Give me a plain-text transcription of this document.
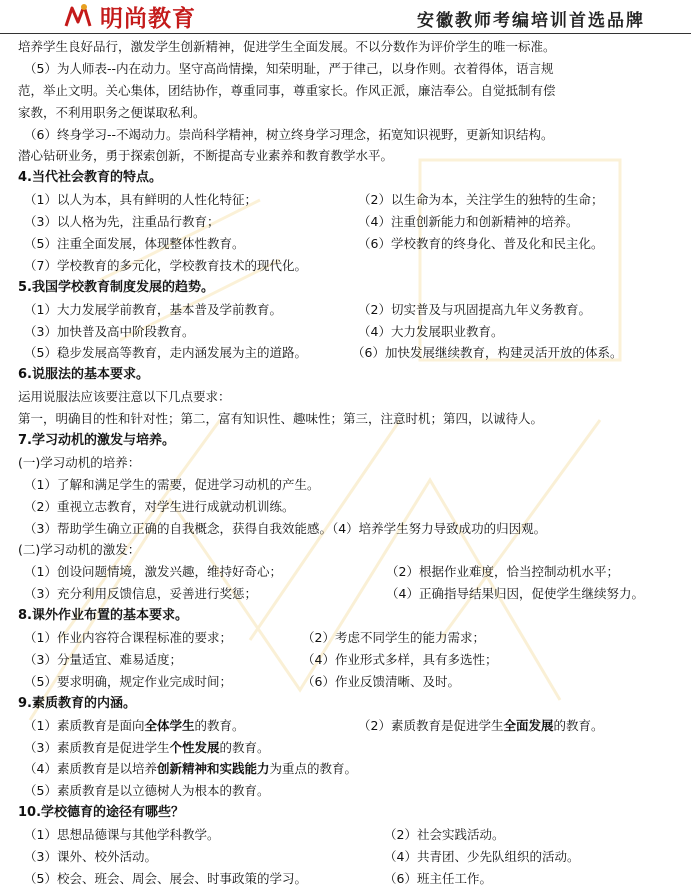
明尚教育	安徽教师考编培训首选品牌
培养学生良好品行，激发学生创新精神，促进学生全面发展。不以分数作为评价学生的唯一标准。
（5）为人师表--内在动力。坚守高尚情操，知荣明耻，严于律己，以身作则。衣着得体，语言规
范，举止文明。关心集体，团结协作，尊重同事，尊重家长。作风正派，廉洁奉公。自觉抵制有偿
家教，不利用职务之便谋取私利。
（6）终身学习--不竭动力。崇尚科学精神，树立终身学习理念，拓宽知识视野，更新知识结构。
潜心钻研业务，勇于探索创新，不断提高专业素养和教育教学水平。
4.当代社会教育的特点。
（1）以人为本，具有鲜明的人性化特征；	（2）以生命为本，关注学生的独特的生命；
（3）以人格为先，注重品行教育；	（4）注重创新能力和创新精神的培养。
（5）注重全面发展，体现整体性教育。	（6）学校教育的终身化、普及化和民主化。
（7）学校教育的多元化，学校教育技术的现代化。
5.我国学校教育制度发展的趋势。
（1）大力发展学前教育，基本普及学前教育。	（2）切实普及与巩固提高九年义务教育。
（3）加快普及高中阶段教育。	（4）大力发展职业教育。
（5）稳步发展高等教育，走内涵发展为主的道路。	（6）加快发展继续教育，构建灵活开放的体系。
6.说服法的基本要求。
运用说服法应该要注意以下几点要求：
第一，明确目的性和针对性；第二，富有知识性、趣味性；第三，注意时机；第四，以诚待人。
7.学习动机的激发与培养。
(一)学习动机的培养：
（1）了解和满足学生的需要，促进学习动机的产生。
（2）重视立志教育，对学生进行成就动机训练。
（3）帮助学生确立正确的自我概念，获得自我效能感。（4）培养学生努力导致成功的归因观。
(二)学习动机的激发：
（1）创设问题情境，激发兴趣，维持好奇心；	（2）根据作业难度，恰当控制动机水平；
（3）充分利用反馈信息，妥善进行奖惩；	（4）正确指导结果归因，促使学生继续努力。
8.课外作业布置的基本要求。
（1）作业内容符合课程标准的要求；	（2）考虑不同学生的能力需求；
（3）分量适宜、难易适度；	（4）作业形式多样，具有多选性；
（5）要求明确，规定作业完成时间；	（6）作业反馈清晰、及时。
9.素质教育的内涵。
（1）素质教育是面向全体学生的教育。	（2）素质教育是促进学生全面发展的教育。
（3）素质教育是促进学生个性发展的教育。
（4）素质教育是以培养创新精神和实践能力为重点的教育。
（5）素质教育是以立德树人为根本的教育。
10.学校德育的途径有哪些？
（1）思想品德课与其他学科教学。	（2）社会实践活动。
（3）课外、校外活动。	（4）共青团、少先队组织的活动。
（5）校会、班会、周会、展会、时事政策的学习。	（6）班主任工作。
